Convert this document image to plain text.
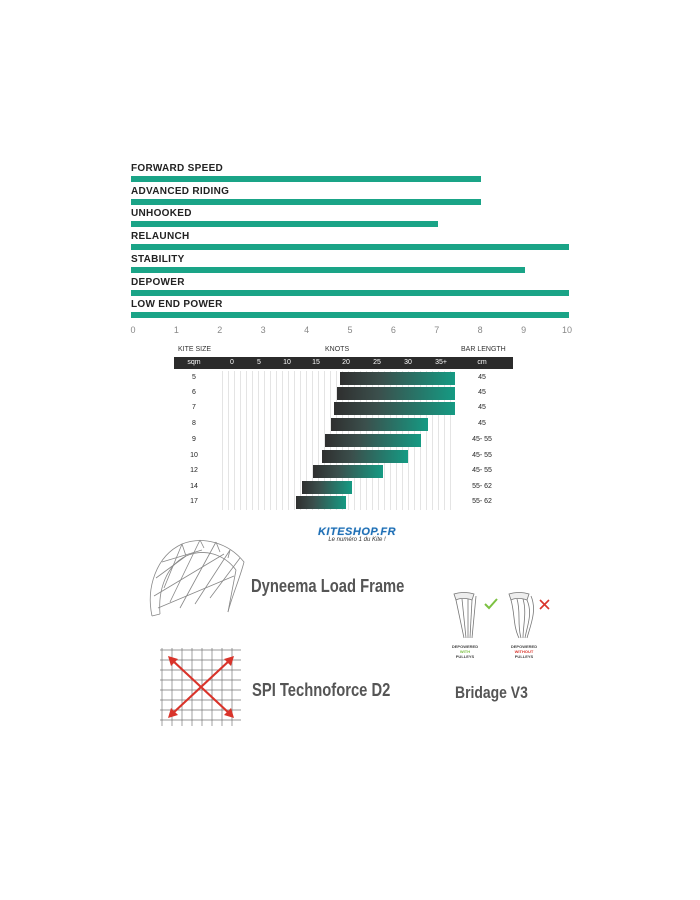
FORWARD SPEED
ADVANCED RIDING
UNHOOKED
RELAUNCH
STABILITY
DEPOWER
LOW END POWER
0	1	2	3	4	5	6	7	8	9	10
KITE SIZE	KNOTS	BAR LENGTH
sqm	cm
0	5	10	15	20	25	30	35+
5	45
6	45
7	45
8	45
9	45- 55
10	45- 55
12	45- 55
14	55- 62
17	55- 62
KITESHOP.FR
Le numéro 1 du Kite !
Dyneema Load Frame
SPI Technoforce D2
DEPOWERED
WITH
PULLEYS
DEPOWERED
WITHOUT
PULLEYS
Bridage V3
